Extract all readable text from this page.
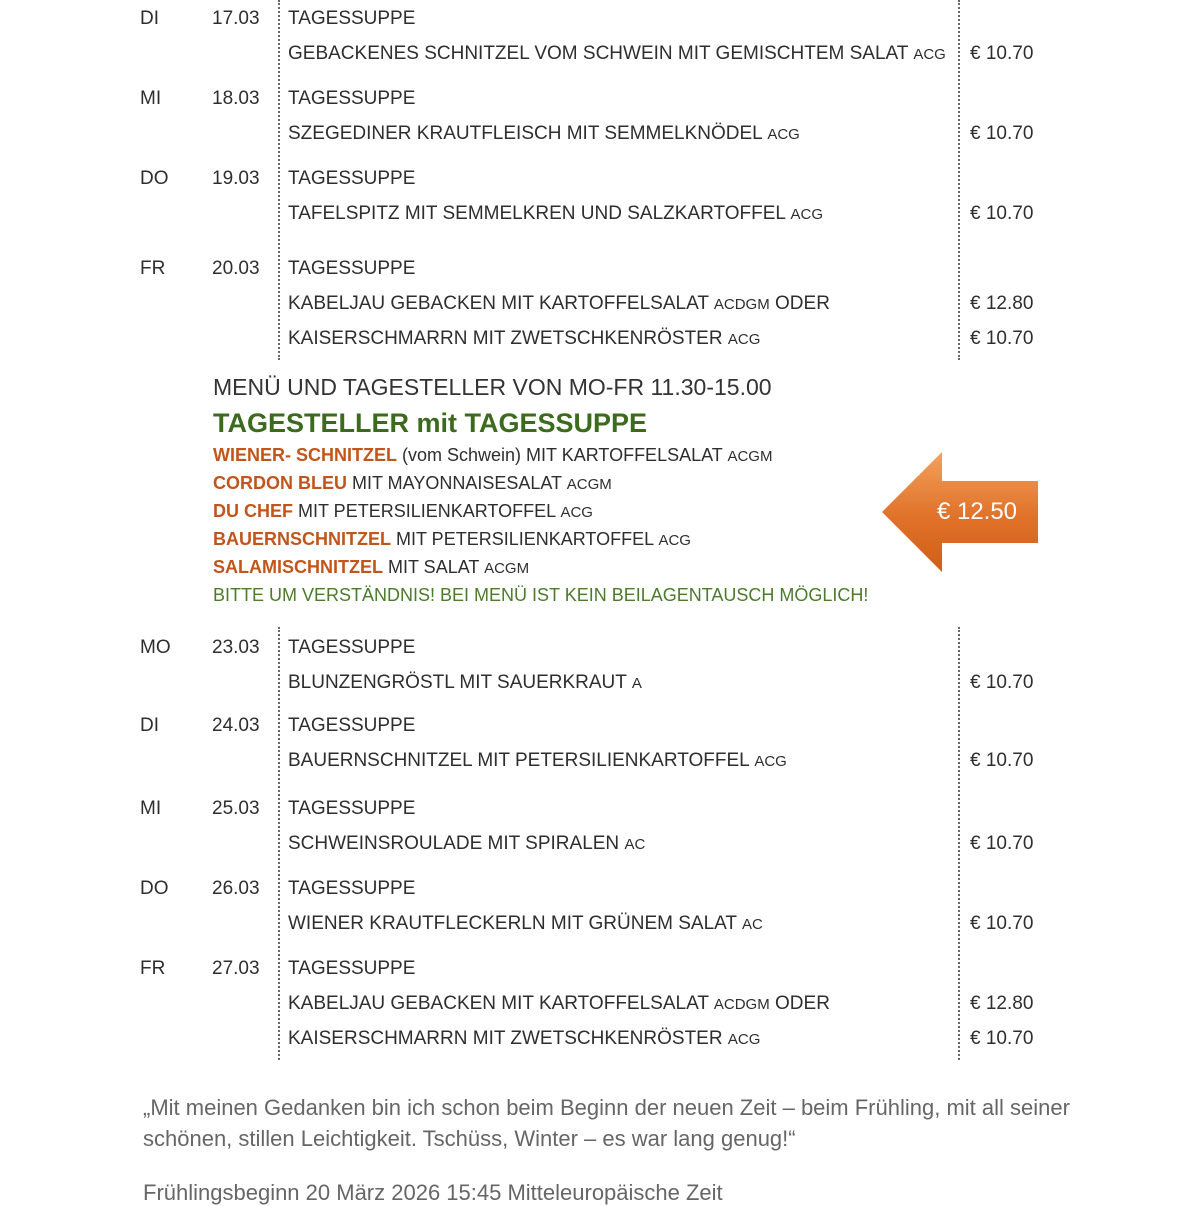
DI	17.03 TAGESSUPPE
GEBACKENES SCHNITZEL VOM SCHWEIN MIT GEMISCHTEM SALAT ACG € 10.70
MI	18.03 TAGESSUPPE
SZEGEDINER KRAUTFLEISCH MIT SEMMELKNÖDEL ACG	€ 10.70
DO 19.03 TAGESSUPPE
TAFELSPITZ MIT SEMMELKREN UND SALZKARTOFFEL ACG	€ 10.70
FR 20.03 TAGESSUPPE
KABELJAU GEBACKEN MIT KARTOFFELSALAT ACDGM ODER	€ 12.80
KAISERSCHMARRN MIT ZWETSCHKENRÖSTER ACG	€ 10.70
MENÜ UND TAGESTELLER VON MO-FR 11.30-15.00
TAGESTELLER mit TAGESSUPPE
WIENER- SCHNITZEL (vom Schwein) MIT KARTOFFELSALAT ACGM
CORDON BLEU MIT MAYONNAISESALAT ACGM
DU CHEF MIT PETERSILIENKARTOFFEL ACG
BAUERNSCHNITZEL MIT PETERSILIENKARTOFFEL ACG
SALAMISCHNITZEL MIT SALAT ACGM
BITTE UM VERSTÄNDNIS! BEI MENÜ IST KEIN BEILAGENTAUSCH MÖGLICH!
€ 12.50
MO 23.03 TAGESSUPPE
BLUNZENGRÖSTL MIT SAUERKRAUT A	€ 10.70
DI	24.03 TAGESSUPPE
BAUERNSCHNITZEL MIT PETERSILIENKARTOFFEL ACG	€ 10.70
MI	25.03 TAGESSUPPE
SCHWEINSROULADE MIT SPIRALEN AC	€ 10.70
DO 26.03 TAGESSUPPE
WIENER KRAUTFLECKERLN MIT GRÜNEM SALAT AC	€ 10.70
FR 27.03 TAGESSUPPE
KABELJAU GEBACKEN MIT KARTOFFELSALAT ACDGM ODER	€ 12.80
KAISERSCHMARRN MIT ZWETSCHKENRÖSTER ACG	€ 10.70
„Mit meinen Gedanken bin ich schon beim Beginn der neuen Zeit – beim Frühling, mit all seiner schönen, stillen Leichtigkeit. Tschüss, Winter – es war lang genug!“
Frühlingsbeginn 20 März 2026 15:45 Mitteleuropäische Zeit
